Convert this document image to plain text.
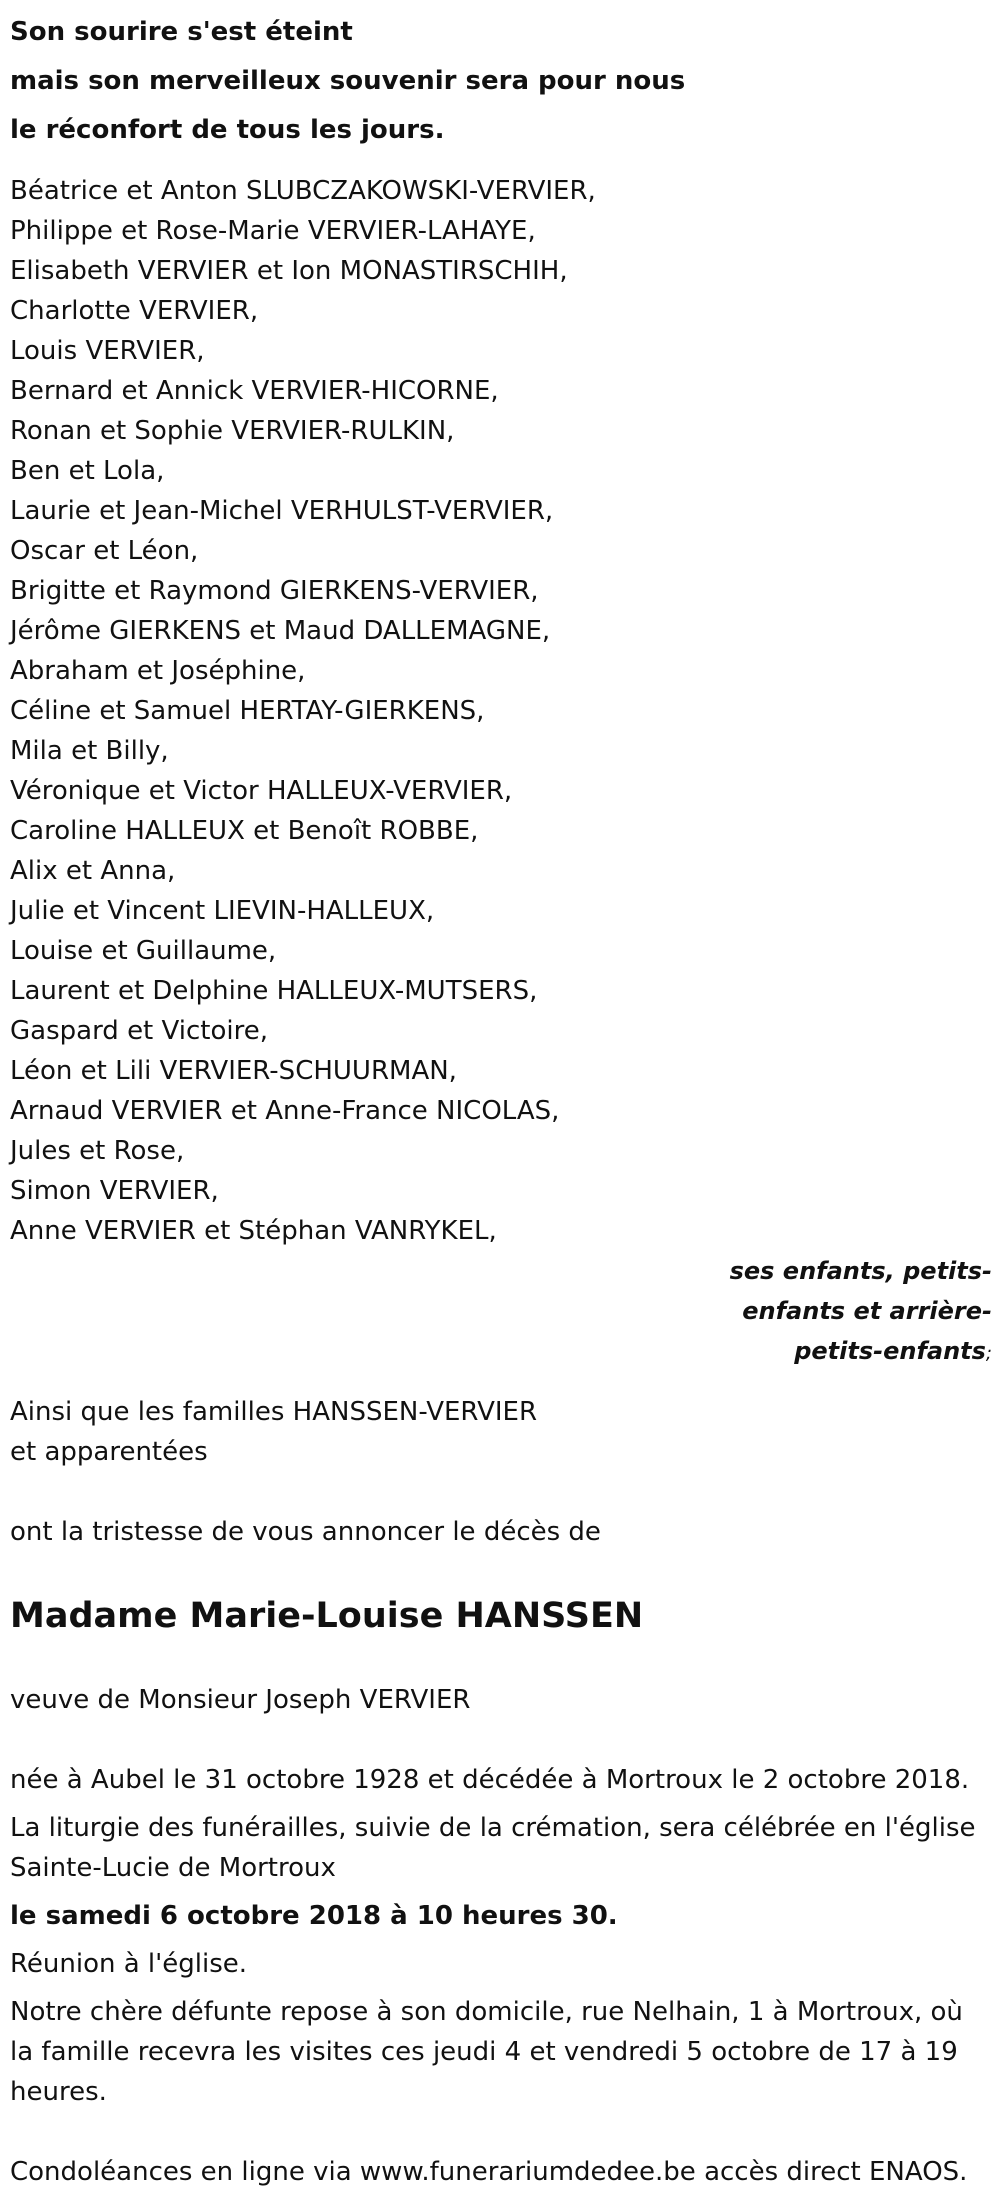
Son sourire s'est éteint
mais son merveilleux souvenir sera pour nous
le réconfort de tous les jours.
Béatrice et Anton SLUBCZAKOWSKI-VERVIER,
Philippe et Rose-Marie VERVIER-LAHAYE,
Elisabeth VERVIER et Ion MONASTIRSCHIH,
Charlotte VERVIER,
Louis VERVIER,
Bernard et Annick VERVIER-HICORNE,
Ronan et Sophie VERVIER-RULKIN,
Ben et Lola,
Laurie et Jean-Michel VERHULST-VERVIER,
Oscar et Léon,
Brigitte et Raymond GIERKENS-VERVIER,
Jérôme GIERKENS et Maud DALLEMAGNE,
Abraham et Joséphine,
Céline et Samuel HERTAY-GIERKENS,
Mila et Billy,
Véronique et Victor HALLEUX-VERVIER,
Caroline HALLEUX et Benoît ROBBE,
Alix et Anna,
Julie et Vincent LIEVIN-HALLEUX,
Louise et Guillaume,
Laurent et Delphine HALLEUX-MUTSERS,
Gaspard et Victoire,
Léon et Lili VERVIER-SCHUURMAN,
Arnaud VERVIER et Anne-France NICOLAS,
Jules et Rose,
Simon VERVIER,
Anne VERVIER et Stéphan VANRYKEL,
ses enfants, petits-
enfants et arrière-
petits-enfants;
Ainsi que les familles HANSSEN-VERVIER
et apparentées
ont la tristesse de vous annoncer le décès de
Madame Marie-Louise HANSSEN
veuve de Monsieur Joseph VERVIER
née à Aubel le 31 octobre 1928 et décédée à Mortroux le 2 octobre 2018.
La liturgie des funérailles, suivie de la crémation, sera célébrée en l'église Sainte-Lucie de Mortroux
le samedi 6 octobre 2018 à 10 heures 30.
Réunion à l'église.
Notre chère défunte repose à son domicile, rue Nelhain, 1 à Mortroux, où la famille recevra les visites ces jeudi 4 et vendredi 5 octobre de 17 à 19 heures.
Condoléances en ligne via www.funerariumdedee.be accès direct ENAOS.
